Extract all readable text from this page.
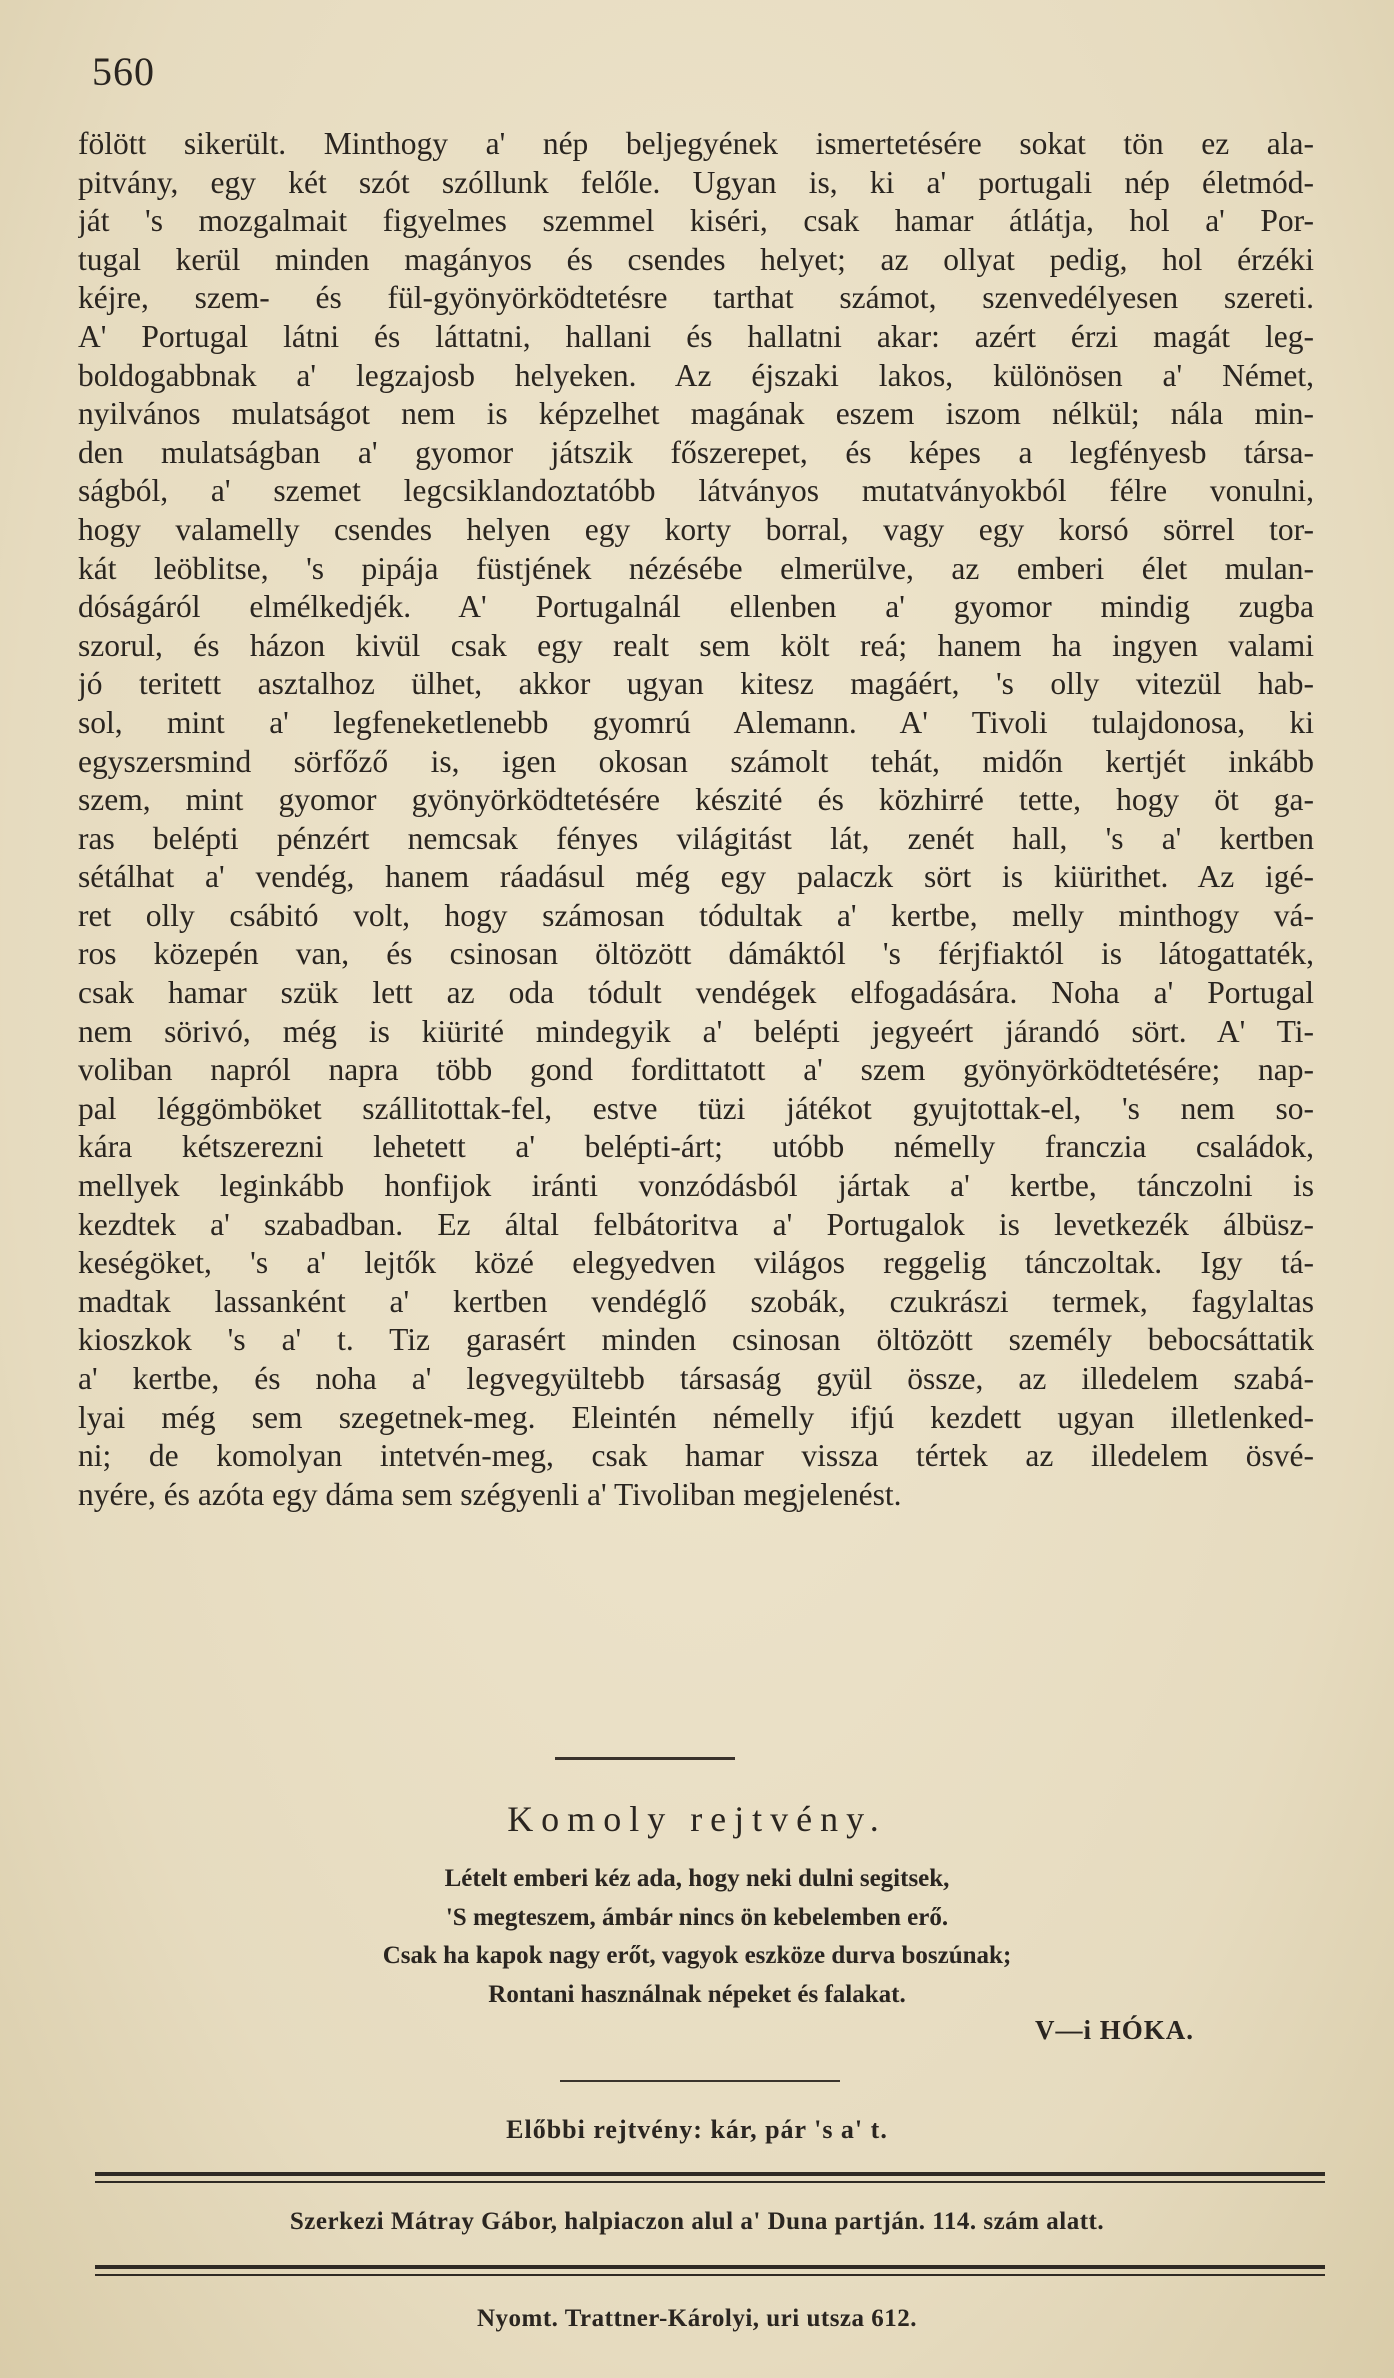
560
fölött sikerült. Minthogy a' nép beljegyének ismertetésére sokat tön ez ala-
pitvány, egy két szót szóllunk felőle. Ugyan is, ki a' portugali nép életmód-
ját 's mozgalmait figyelmes szemmel kiséri, csak hamar átlátja, hol a' Por-
tugal kerül minden magányos és csendes helyet; az ollyat pedig, hol érzéki
kéjre, szem- és fül-gyönyörködtetésre tarthat számot, szenvedélyesen szereti.
A' Portugal látni és láttatni, hallani és hallatni akar: azért érzi magát leg-
boldogabbnak a' legzajosb helyeken. Az éjszaki lakos, különösen a' Német,
nyilvános mulatságot nem is képzelhet magának eszem iszom nélkül; nála min-
den mulatságban a' gyomor játszik főszerepet, és képes a legfényesb társa-
ságból, a' szemet legcsiklandoztatóbb látványos mutatványokból félre vonulni,
hogy valamelly csendes helyen egy korty borral, vagy egy korsó sörrel tor-
kát leöblitse, 's pipája füstjének nézésébe elmerülve, az emberi élet mulan-
dóságáról elmélkedjék. A' Portugalnál ellenben a' gyomor mindig zugba
szorul, és házon kivül csak egy realt sem költ reá; hanem ha ingyen valami
jó teritett asztalhoz ülhet, akkor ugyan kitesz magáért, 's olly vitezül hab-
sol, mint a' legfeneketlenebb gyomrú Alemann. A' Tivoli tulajdonosa, ki
egyszersmind sörfőző is, igen okosan számolt tehát, midőn kertjét inkább
szem, mint gyomor gyönyörködtetésére készité és közhirré tette, hogy öt ga-
ras belépti pénzért nemcsak fényes világitást lát, zenét hall, 's a' kertben
sétálhat a' vendég, hanem ráadásul még egy palaczk sört is kiürithet. Az igé-
ret olly csábitó volt, hogy számosan tódultak a' kertbe, melly minthogy vá-
ros közepén van, és csinosan öltözött dámáktól 's férjfiaktól is látogattaték,
csak hamar szük lett az oda tódult vendégek elfogadására. Noha a' Portugal
nem sörivó, még is kiürité mindegyik a' belépti jegyeért járandó sört. A' Ti-
voliban napról napra több gond fordittatott a' szem gyönyörködtetésére; nap-
pal léggömböket szállitottak-fel, estve tüzi játékot gyujtottak-el, 's nem so-
kára kétszerezni lehetett a' belépti-árt; utóbb némelly franczia családok,
mellyek leginkább honfijok iránti vonzódásból jártak a' kertbe, tánczolni is
kezdtek a' szabadban. Ez által felbátoritva a' Portugalok is levetkezék álbüsz-
keségöket, 's a' lejtők közé elegyedven világos reggelig tánczoltak. Igy tá-
madtak lassanként a' kertben vendéglő szobák, czukrászi termek, fagylaltas
kioszkok 's a' t. Tiz garasért minden csinosan öltözött személy bebocsáttatik
a' kertbe, és noha a' legvegyültebb társaság gyül össze, az illedelem szabá-
lyai még sem szegetnek-meg. Eleintén némelly ifjú kezdett ugyan illetlenked-
ni; de komolyan intetvén-meg, csak hamar vissza tértek az illedelem ösvé-
nyére, és azóta egy dáma sem szégyenli a' Tivoliban megjelenést.
Komoly rejtvény.
Lételt emberi kéz ada, hogy neki dulni segitsek,
'S megteszem, ámbár nincs ön kebelemben erő.
Csak ha kapok nagy erőt, vagyok eszköze durva boszúnak;
Rontani használnak népeket és falakat.
V—i HÓKA.
Előbbi rejtvény: kár, pár 's a' t.
Szerkezi Mátray Gábor, halpiaczon alul a' Duna partján. 114. szám alatt.
Nyomt. Trattner-Károlyi, uri utsza 612.
